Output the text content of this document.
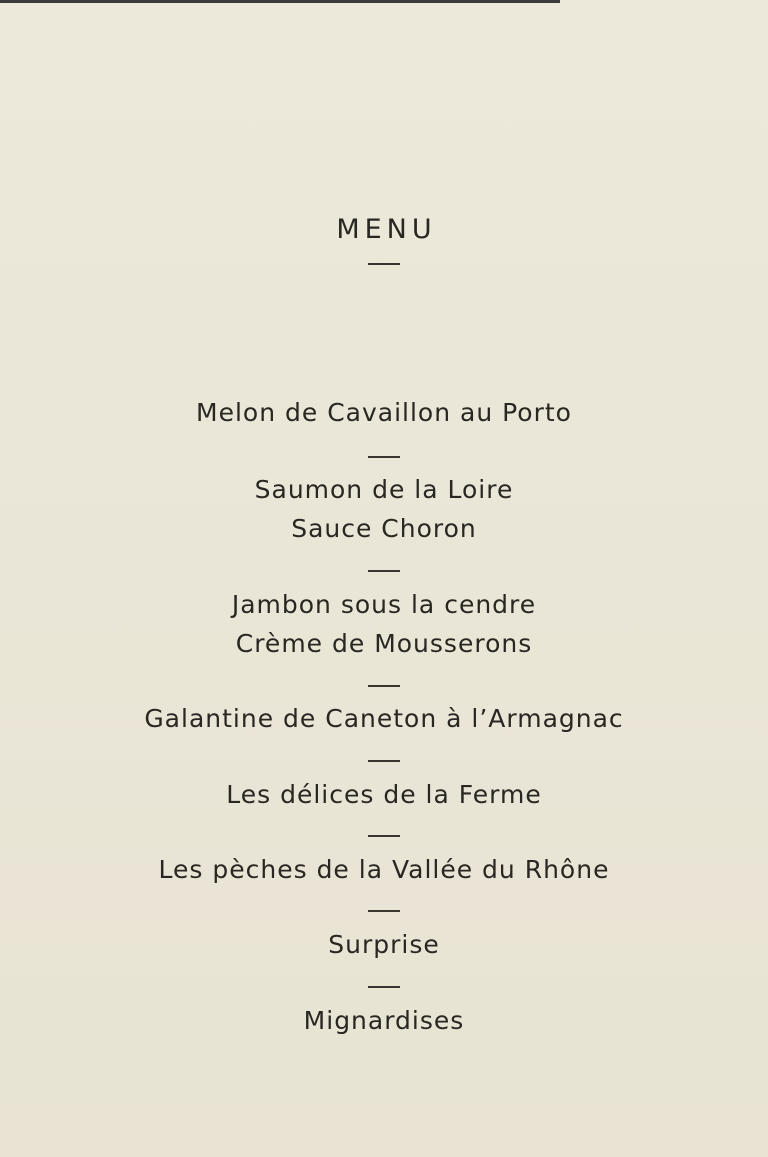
MENU
Melon de Cavaillon au Porto
Saumon de la Loire
Sauce Choron
Jambon sous la cendre
Crème de Mousserons
Galantine de Caneton à l’Armagnac
Les délices de la Ferme
Les pèches de la Vallée du Rhône
Surprise
Mignardises
